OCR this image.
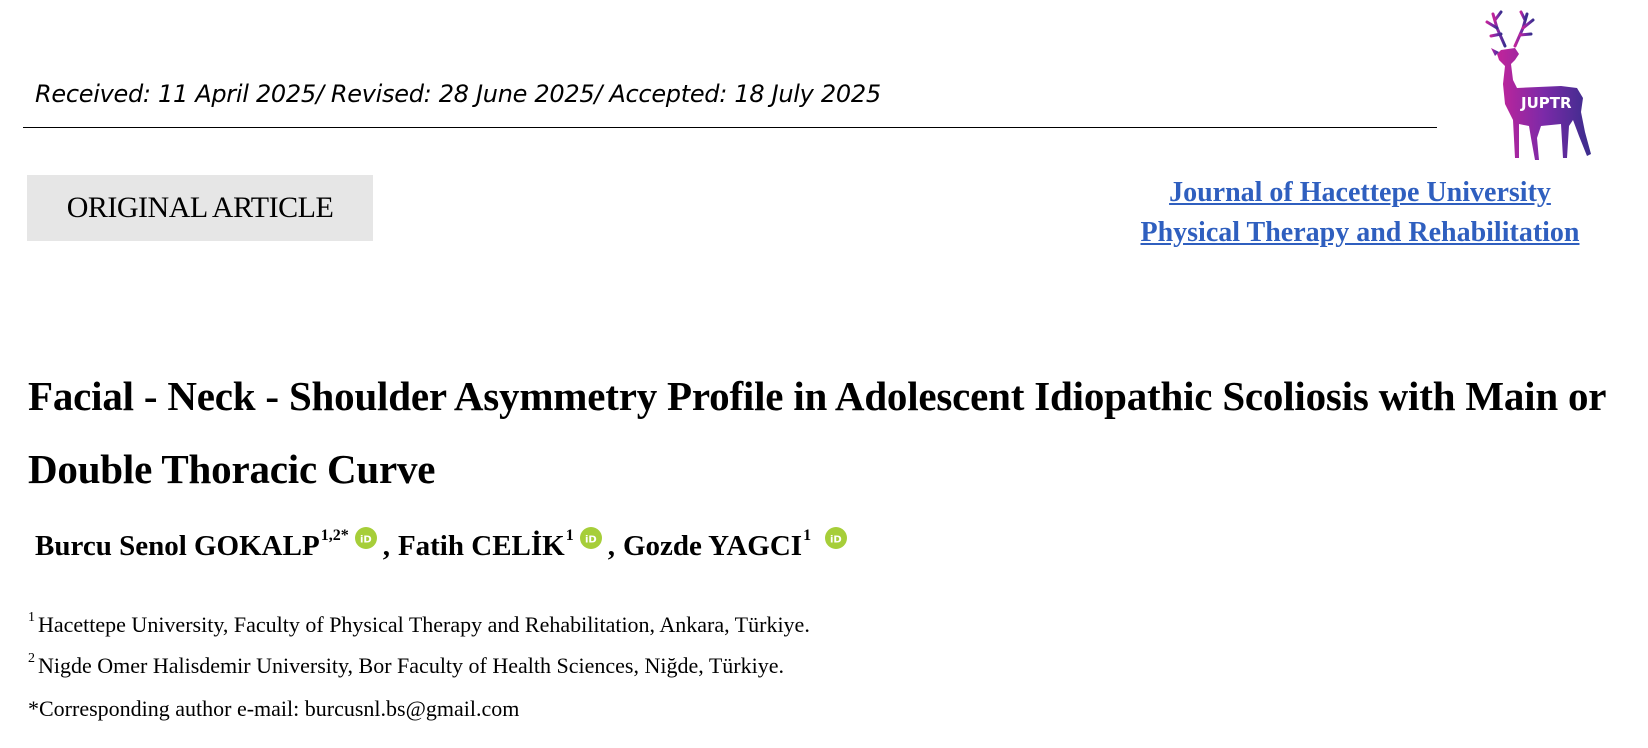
Received: 11 April 2025/ Revised: 28 June 2025/ Accepted: 18 July 2025	JUPTR
ORIGINAL ARTICLE	Journal of Hacettepe University
Physical Therapy and Rehabilitation
Facial - Neck - Shoulder Asymmetry Profile in Adolescent Idiopathic Scoliosis with Main or Double Thoracic Curve
Burcu Senol $GOKALP^{1,2*}$ iD , Fatih CELİK$^1$ iD , Gozde YAGCI$^1$ iD
$^1$ Hacettepe University, Faculty of Physical Therapy and Rehabilitation, Ankara, Türkiye.
$^2$ Nigde Omer Halisdemir University, Bor Faculty of Health Sciences, Niğde, Türkiye.
*Corresponding author e-mail: burcusnl.bs@gmail.com
